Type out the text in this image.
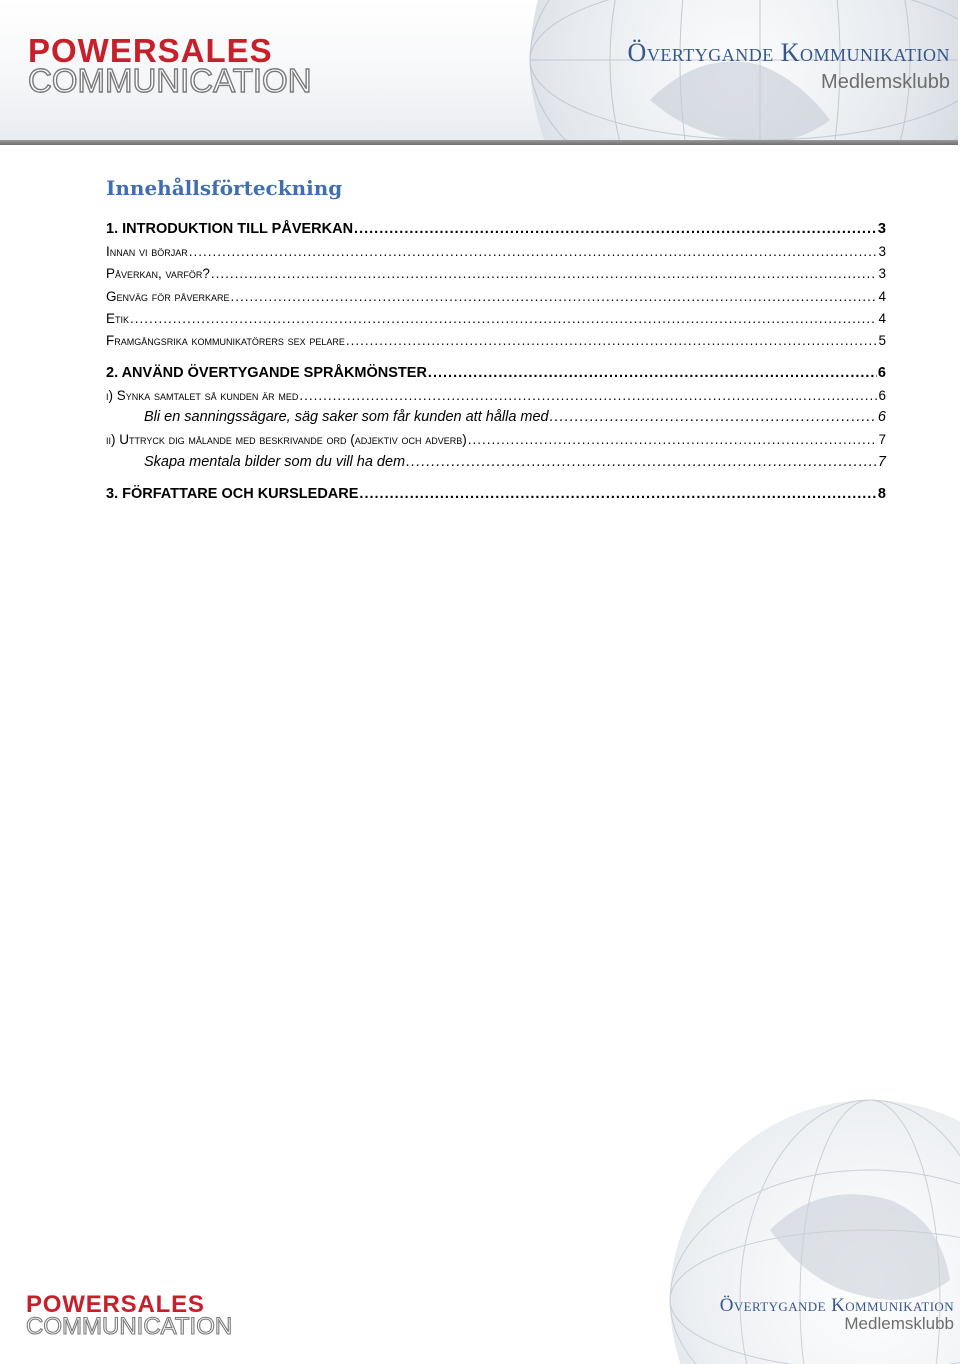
POWERSALES
COMMUNICATION
Övertygande Kommunikation
Medlemsklubb
Innehållsförteckning
1. INTRODUKTION TILL PÅVERKAN .....	3
Innan vi börjar .....	3
Påverkan, varför? .....	3
Genväg för påverkare .....	4
Etik .....	4
Framgångsrika kommunikatörers sex pelare .....	5
2. ANVÄND ÖVERTYGANDE SPRÅKMÖNSTER .....	6
i) Synka samtalet så kunden är med .....	6
Bli en sanningssägare, säg saker som får kunden att hålla med .....	6
ii) Uttryck dig målande med beskrivande ord (adjektiv och adverb) .....	7
Skapa mentala bilder som du vill ha dem .....	7
3. FÖRFATTARE OCH KURSLEDARE .....	8
POWERSALES
COMMUNICATION
Övertygande Kommunikation
Medlemsklubb
